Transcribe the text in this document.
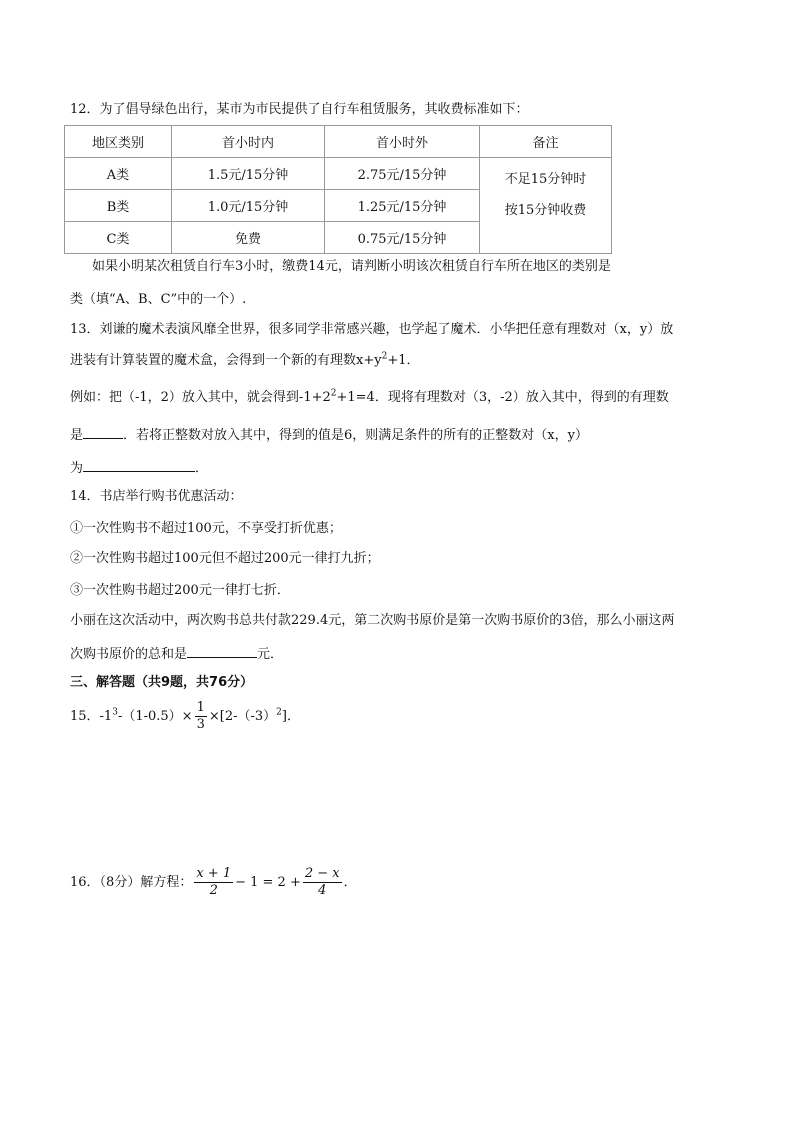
12．为了倡导绿色出行，某市为市民提供了自行车租赁服务，其收费标准如下：
地区类别	首小时内	首小时外	备注
A类	1.5元/15分钟	2.75元/15分钟	不足15分钟时
按15分钟收费

B类	1.0元/15分钟	1.25元/15分钟	
C类	免费	0.75元/15分钟	
如果小明某次租赁自行车3小时，缴费14元，请判断小明该次租赁自行车所在地区的类别是
类（填“A、B、C”中的一个）.
13．刘谦的魔术表演风靡全世界，很多同学非常感兴趣，也学起了魔术．小华把任意有理数对（x，y）放
进装有计算装置的魔术盒，会得到一个新的有理数$x+y^2+1$．
例如：把（-1，2）放入其中，就会得到$-1+2^2+1=4$．现将有理数对（3，-2）放入其中，得到的有理数
是	．若将正整数对放入其中，得到的值是6，则满足条件的所有的正整数对（x，y）
为	．
14．书店举行购书优惠活动：
①一次性购书不超过100元，不享受打折优惠；
②一次性购书超过100元但不超过200元一律打九折；
③一次性购书超过200元一律打七折．
小丽在这次活动中，两次购书总共付款229.4元，第二次购书原价是第一次购书原价的3倍，那么小丽这两
次购书原价的总和是	元．
三、解答题（共9题，共76分）
15．$-1^3-(1-0.5)\times \frac{1}{3} \times[2-(-3)^2]$．
16．（8分）解方程： $\frac{x + 1}{2} - 1 = 2 + \frac{2 - x}{4}$ ．
